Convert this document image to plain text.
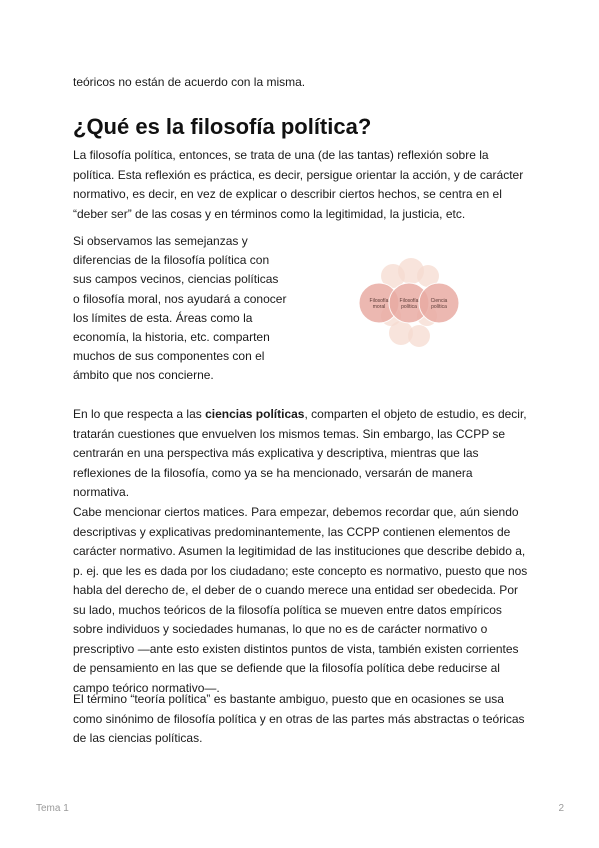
teóricos no están de acuerdo con la misma.

¿Qué es la filosofía política?

La filosofía política, entonces, se trata de una (de las tantas) reflexión sobre la política. Esta reflexión es práctica, es decir, persigue orientar la acción, y de carácter normativo, es decir, en vez de explicar o describir ciertos hechos, se centra en el “deber ser” de las cosas y en términos como la legitimidad, la justicia, etc.

Si observamos las semejanzas y diferencias de la filosofía política con sus campos vecinos, ciencias políticas o filosofía moral, nos ayudará a conocer los límites de esta. Áreas como la economía, la historia, etc. comparten muchos de sus componentes con el ámbito que nos concierne.

Filosofía
moral
Filosofía
política
Ciencia
política

En lo que respecta a las ciencias políticas, comparten el objeto de estudio, es decir, tratarán cuestiones que envuelven los mismos temas. Sin embargo, las CCPP se centrarán en una perspectiva más explicativa y descriptiva, mientras que las reflexiones de la filosofía, como ya se ha mencionado, versarán de manera normativa.

Cabe mencionar ciertos matices. Para empezar, debemos recordar que, aún siendo descriptivas y explicativas predominantemente, las CCPP contienen elementos de carácter normativo. Asumen la legitimidad de las instituciones que describe debido a, p. ej. que les es dada por los ciudadano; este concepto es normativo, puesto que nos habla del derecho de, el deber de o cuando merece una entidad ser obedecida. Por su lado, muchos teóricos de la filosofía política se mueven entre datos empíricos sobre individuos y sociedades humanas, lo que no es de carácter normativo o prescriptivo —ante esto existen distintos puntos de vista, también existen corrientes de pensamiento en las que se defiende que la filosofía política debe reducirse al campo teórico normativo—.

El término “teoría política” es bastante ambiguo, puesto que en ocasiones se usa como sinónimo de filosofía política y en otras de las partes más abstractas o teóricas de las ciencias políticas.

Tema 1	2
